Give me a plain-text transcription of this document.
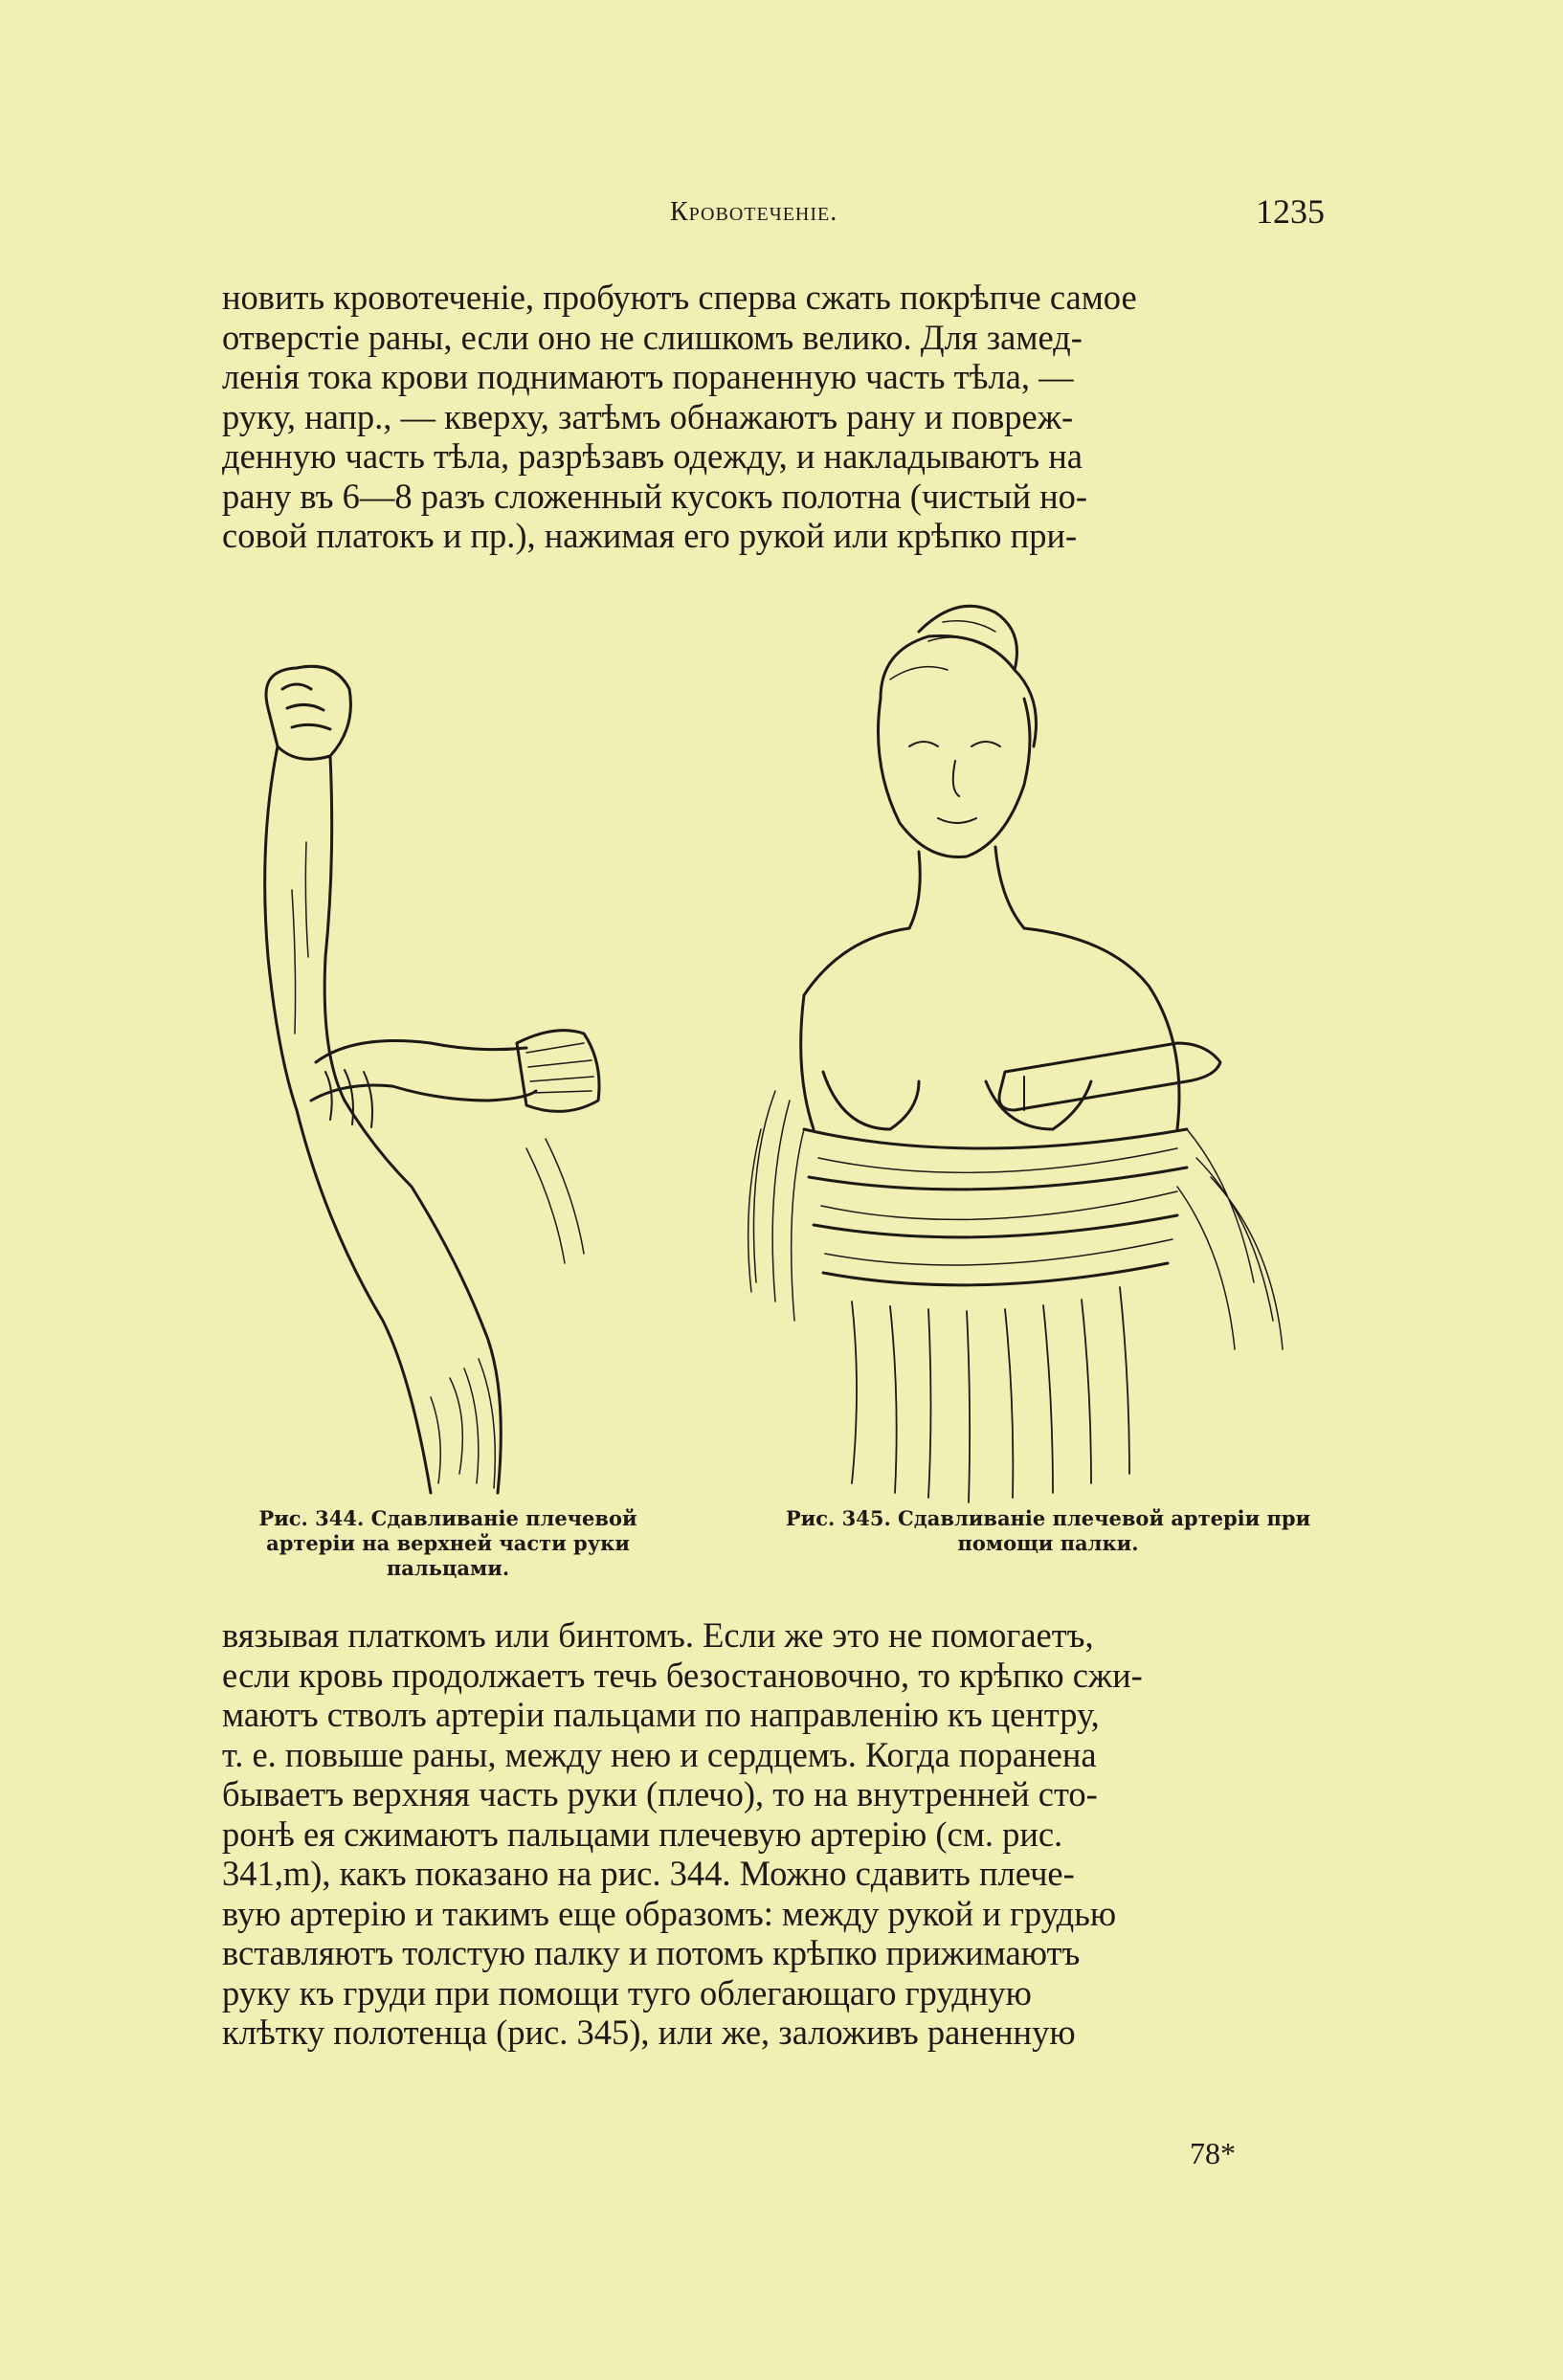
Кровотеченіе.	1235
новить кровотеченіе, пробуютъ сперва сжать покрѣпче самое
отверстіе раны, если оно не слишкомъ велико. Для замед-
ленія тока крови поднимаютъ пораненную часть тѣла, —
руку, напр., — кверху, затѣмъ обнажаютъ рану и повреж-
денную часть тѣла, разрѣзавъ одежду, и накладываютъ на
рану въ 6—8 разъ сложенный кусокъ полотна (чистый но-
совой платокъ и пр.), нажимая его рукой или крѣпко при-
Рис. 344. Сдавливаніе плечевой артеріи на верхней части руки пальцами.
Рис. 345. Сдавливаніе плечевой артеріи при помощи палки.
вязывая платкомъ или бинтомъ. Если же это не помогаетъ,
если кровь продолжаетъ течь безостановочно, то крѣпко сжи-
маютъ стволъ артеріи пальцами по направленію къ центру,
т. е. повыше раны, между нею и сердцемъ. Когда поранена
бываетъ верхняя часть руки (плечо), то на внутренней сто-
ронѣ ея сжимаютъ пальцами плечевую артерію (см. рис.
341,m), какъ показано на рис. 344. Можно сдавить плече-
вую артерію и такимъ еще образомъ: между рукой и грудью
вставляютъ толстую палку и потомъ крѣпко прижимаютъ
руку къ груди при помощи туго облегающаго грудную
клѣтку полотенца (рис. 345), или же, заложивъ раненную
78*
